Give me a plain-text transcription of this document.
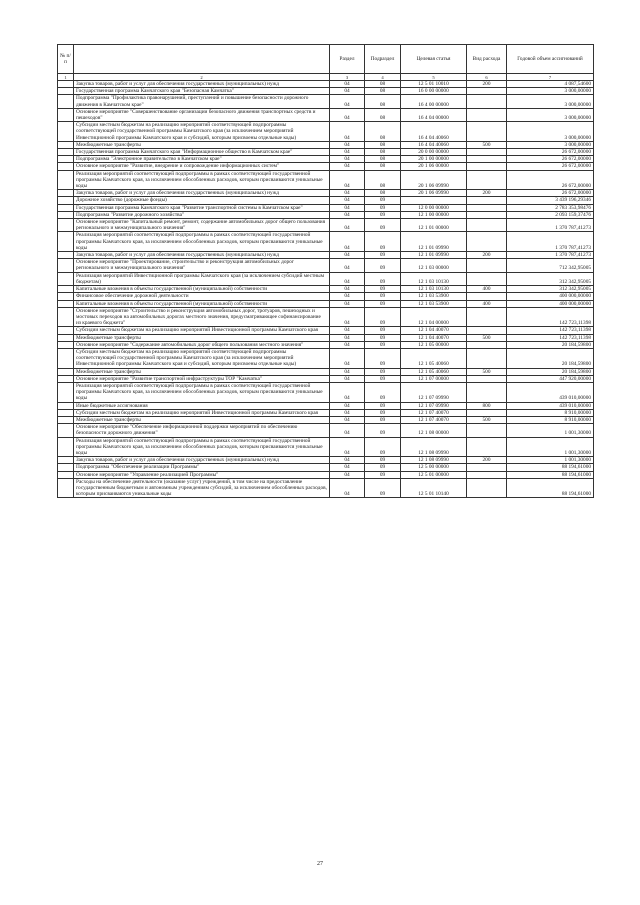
№ п/п		Раздел	Подраздел	Целевая статья	Вид расхода	Годовой объем ассигнований
1	2	3	4	5	6	7
	Закупка товаров, работ и услуг для обеспечения государственных (муниципальных) нужд	04	08	12 5 01 10010	200	4 087,54600
	Государственная программа Камчатского края "Безопасная Камчатка"	04	08	16 0 00 00000		3 000,00000
	Подпрограмма "Профилактика правонарушений, преступлений и повышение безопасности дорожного движения в Камчатском крае"	04	08	16 4 00 00000		3 000,00000
	Основное мероприятие "Совершенствование организации безопасного движения транспортных средств и пешеходов"	04	08	16 4 04 00000		3 000,00000
	Субсидии местным бюджетам на реализацию мероприятий соответствующей подпрограммы соответствующей государственной программы Камчатского края (за исключением мероприятий Инвестиционной программы Камчатского края и субсидий, которым присвоены отдельные коды)	04	08	16 4 04 40060		3 000,00000
	Межбюджетные трансферты	04	08	16 4 04 40060	500	3 000,00000
	Государственная программа Камчатского края "Информационное общество в Камчатском крае"	04	08	20 0 00 00000		26 672,00000
	Подпрограмма "Электронное правительство в Камчатском крае"	04	08	20 1 00 00000		26 672,00000
	Основное мероприятие "Развитие, внедрение и сопровождение информационных систем"	04	08	20 1 06 00000		26 672,00000
	Реализация мероприятий соответствующей подпрограммы в рамках соответствующей государственной программы Камчатского края, за исключением обособленных расходов, которым присваиваются уникальные коды	04	08	20 1 06 09990		26 672,00000
	Закупка товаров, работ и услуг для обеспечения государственных (муниципальных) нужд	04	08	20 1 06 09990	200	26 672,00000
	Дорожное хозяйство (дорожные фонды)	04	09			3 439 196,29346
	Государственная программа Камчатского края "Развитие транспортной системы в Камчатском крае"	04	09	12 0 00 00000		2 783 353,98476
	Подпрограмма "Развитие дорожного хозяйства"	04	09	12 1 00 00000		2 093 159,37476
	Основное мероприятие "Капитальный ремонт, ремонт, содержание автомобильных дорог общего пользования регионального и межмуниципального значения"	04	09	12 1 01 00000		1 370 787,41273
	Реализация мероприятий соответствующей подпрограммы в рамках соответствующей государственной программы Камчатского края, за исключением обособленных расходов, которым присваиваются уникальные коды	04	09	12 1 01 09990		1 370 787,41273
	Закупка товаров, работ и услуг для обеспечения государственных (муниципальных) нужд	04	09	12 1 01 09990	200	1 370 787,41273
	Основное мероприятие "Проектирование, строительство и реконструкция автомобильных дорог регионального и межмуниципального значения"	04	09	12 1 03 00000		712 342,95005
	Реализация мероприятий Инвестиционной программы Камчатского края (за исключением субсидий местным бюджетам)	04	09	12 1 03 10130		312 342,95005
	Капитальные вложения в объекты государственной (муниципальной) собственности	04	09	12 1 03 10130	400	312 342,95005
	Финансовое обеспечение дорожной деятельности	04	09	12 1 03 53900		400 000,00000
	Капитальные вложения в объекты государственной (муниципальной) собственности	04	09	12 1 03 53900	400	400 000,00000
	Основное мероприятие "Строительство и реконструкция автомобильных дорог, тротуаров, пешеходных и мостовых переходов на автомобильных дорогах местного значения, предусматривающее софинансирование из краевого бюджета"	04	09	12 1 04 00000		142 723,11398
	Субсидии местным бюджетам на реализацию мероприятий Инвестиционной программы Камчатского края	04	09	12 1 04 40070		142 723,11398
	Межбюджетные трансферты	04	09	12 1 04 40070	500	142 723,11398
	Основное мероприятие "Содержание автомобильных дорог общего пользования местного значения"	04	09	12 1 05 00000		20 184,59800
	Субсидии местным бюджетам на реализацию мероприятий соответствующей подпрограммы соответствующей государственной программы Камчатского края (за исключением мероприятий Инвестиционной программы Камчатского края и субсидий, которым присвоены отдельные коды)	04	09	12 1 05 40060		20 184,59800
	Межбюджетные трансферты	04	09	12 1 05 40060	500	20 184,59800
	Основное мероприятие "Развитие транспортной инфраструктуры ТОР "Камчатка"	04	09	12 1 07 00000		447 920,00000
	Реализация мероприятий соответствующей подпрограммы в рамках соответствующей государственной программы Камчатского края, за исключением обособленных расходов, которым присваиваются уникальные коды	04	09	12 1 07 09990		439 010,00000
	Иные бюджетные ассигнования	04	09	12 1 07 09990	800	439 010,00000
	Субсидии местным бюджетам на реализацию мероприятий Инвестиционной программы Камчатского края	04	09	12 1 07 40070		8 910,00000
	Межбюджетные трансферты	04	09	12 1 07 40070	500	8 910,00000
	Основное мероприятие "Обеспечение информационной поддержки мероприятий по обеспечению безопасности дорожного движения"	04	09	12 1 08 00000		1 001,30000
	Реализация мероприятий соответствующей подпрограммы в рамках соответствующей государственной программы Камчатского края, за исключением обособленных расходов, которым присваиваются уникальные коды	04	09	12 1 08 09990		1 001,30000
	Закупка товаров, работ и услуг для обеспечения государственных (муниципальных) нужд	04	09	12 1 08 09990	200	1 001,30000
	Подпрограмма "Обеспечение реализации Программы"	04	09	12 5 00 00000		88 194,61000
	Основное мероприятие "Управление реализацией Программы"	04	09	12 5 01 00000		88 194,61000
	Расходы на обеспечение деятельности (оказание услуг) учреждений, в том числе на предоставление государственным бюджетным и автономным учреждениям субсидий, за исключением обособленных расходов, которым присваиваются уникальные коды	04	09	12 5 01 10140		88 194,61000
27
